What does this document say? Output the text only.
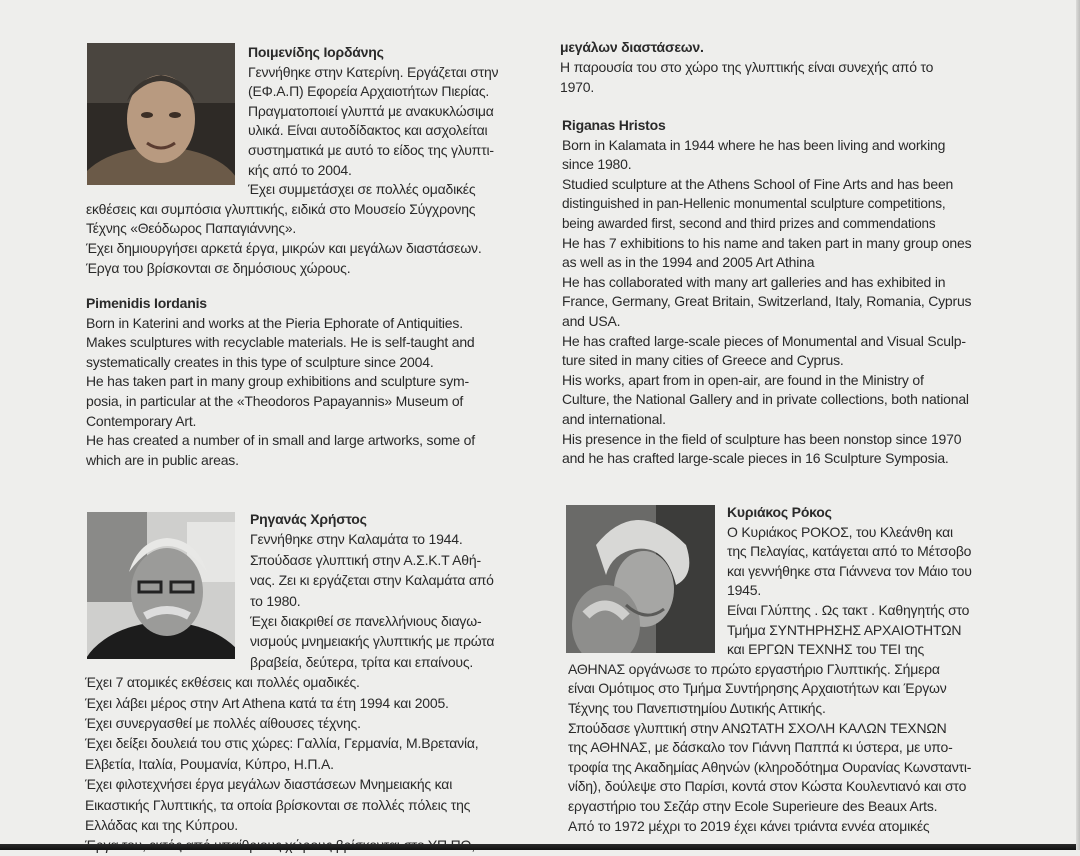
Ποιμενίδης Ιορδάνης
Γεννήθηκε στην Κατερίνη. Εργάζεται στην
(ΕΦ.Α.Π) Εφορεία Αρχαιοτήτων Πιερίας.
Πραγματοποιεί γλυπτά με ανακυκλώσιμα
υλικά. Είναι αυτοδίδακτος και ασχολείται
συστηματικά με αυτό το είδος της γλυπτι-
κής από το 2004.
Έχει συμμετάσχει σε πολλές ομαδικές
εκθέσεις και συμπόσια γλυπτικής, ειδικά στο Μουσείο Σύγχρονης
Τέχνης «Θεόδωρος Παπαγιάννης».
Έχει δημιουργήσει αρκετά έργα, μικρών και μεγάλων διαστάσεων.
Έργα του βρίσκονται σε δημόσιους χώρους.
Pimenidis Iordanis
Born in Katerini and works at the Pieria Ephorate of Antiquities.
Makes sculptures with recyclable materials. He is self-taught and
systematically creates in this type of sculpture since 2004.
He has taken part in many group exhibitions and sculpture sym-
posia, in particular at the «Theodoros Papayannis» Museum of
Contemporary Art.
He has created a number of in small and large artworks, some of
which are in public areas.
μεγάλων διαστάσεων.
Η παρουσία του στο χώρο της γλυπτικής είναι συνεχής από το
1970.
Riganas Hristos
Born in Kalamata in 1944 where he has been living and working
since 1980.
Studied sculpture at the Athens School of Fine Arts and has been
distinguished in pan-Hellenic monumental sculpture competitions,
being awarded first, second and third prizes and commendations
He has 7 exhibitions to his name and taken part in many group ones
as well as in the 1994 and 2005 Art Athina
He has collaborated with many art galleries and has exhibited in
France, Germany, Great Britain, Switzerland, Italy, Romania, Cyprus
and USA.
He has crafted large-scale pieces of Monumental and Visual Sculp-
ture sited in many cities of Greece and Cyprus.
His works, apart from in open-air, are found in the Ministry of
Culture, the National Gallery and in private collections, both national
and international.
His presence in the field of sculpture has been nonstop since 1970
and he has crafted large-scale pieces in 16 Sculpture Symposia.
Ρηγανάς Χρήστος
Γεννήθηκε στην Καλαμάτα το 1944.
Σπούδασε γλυπτική στην Α.Σ.Κ.Τ Αθή-
νας. Ζει κι εργάζεται στην Καλαμάτα από
το 1980.
Έχει διακριθεί σε πανελλήνιους διαγω-
νισμούς μνημειακής γλυπτικής με πρώτα
βραβεία, δεύτερα, τρίτα και επαίνους.
Έχει 7 ατομικές εκθέσεις και πολλές ομαδικές.
Έχει λάβει μέρος στην Art Athena κατά τα έτη 1994 και 2005.
Έχει συνεργασθεί με πολλές αίθουσες τέχνης.
Έχει δείξει δουλειά του στις χώρες: Γαλλία, Γερμανία, Μ.Βρετανία,
Ελβετία, Ιταλία, Ρουμανία, Κύπρο, Η.Π.Α.
Έχει φιλοτεχνήσει έργα μεγάλων διαστάσεων Μνημειακής και
Εικαστικής Γλυπτικής, τα οποία βρίσκονται σε πολλές πόλεις της
Ελλάδας και της Κύπρου.
Κυριάκος Ρόκος
Ο Κυριάκος ΡΟΚΟΣ, του Κλεάνθη και
της Πελαγίας, κατάγεται από το Μέτσοβο
και γεννήθηκε στα Γιάννενα τον Μάιο του
1945.
Είναι Γλύπτης . Ως τακτ . Καθηγητής στο
Τμήμα ΣΥΝΤΗΡΗΣΗΣ ΑΡΧΑΙΟΤΗΤΩΝ
και ΕΡΓΩΝ ΤΕΧΝΗΣ του ΤΕΙ της
ΑΘΗΝΑΣ οργάνωσε το πρώτο εργαστήριο Γλυπτικής. Σήμερα
είναι Ομότιμος στο Τμήμα Συντήρησης Αρχαιοτήτων και Έργων
Τέχνης του Πανεπιστημίου Δυτικής Αττικής.
Σπούδασε γλυπτική στην ΑΝΩΤΑΤΗ ΣΧΟΛΗ ΚΑΛΩΝ ΤΕΧΝΩΝ
της ΑΘΗΝΑΣ, με δάσκαλο τον Γιάννη Παππά κι ύστερα, με υπο-
τροφία της Ακαδημίας Αθηνών (κληροδότημα Ουρανίας Κωνσταντι-
νίδη), δούλεψε στο Παρίσι, κοντά στον Κώστα Κουλεντιανό και στο
εργαστήριο του Σεζάρ στην Ecole Superieure des Beaux Arts.
Από το 1972 μέχρι το 2019 έχει κάνει τριάντα εννέα ατομικές
